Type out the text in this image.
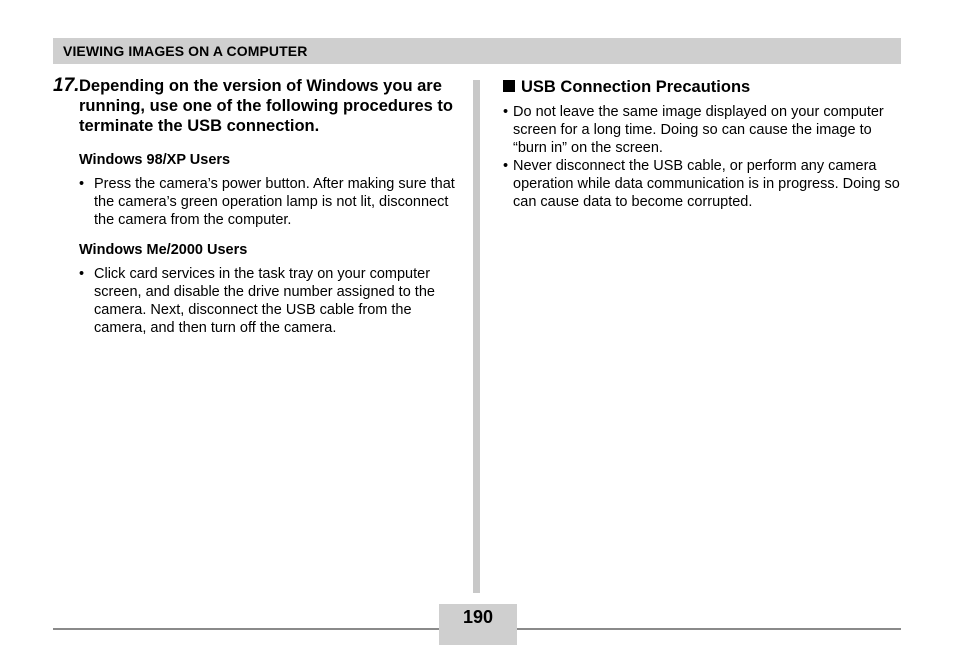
VIEWING IMAGES ON A COMPUTER
17. Depending on the version of Windows you are running, use one of the following procedures to terminate the USB connection.

Windows 98/XP Users

• Press the camera’s power button. After making sure that the camera’s green operation lamp is not lit, disconnect the camera from the computer.

Windows Me/2000 Users

• Click card services in the task tray on your computer screen, and disable the drive number assigned to the camera. Next, disconnect the USB cable from the camera, and then turn off the camera.

USB Connection Precautions

• Do not leave the same image displayed on your computer screen for a long time. Doing so can cause the image to “burn in” on the screen.
• Never disconnect the USB cable, or perform any camera operation while data communication is in progress. Doing so can cause data to become corrupted.
190
